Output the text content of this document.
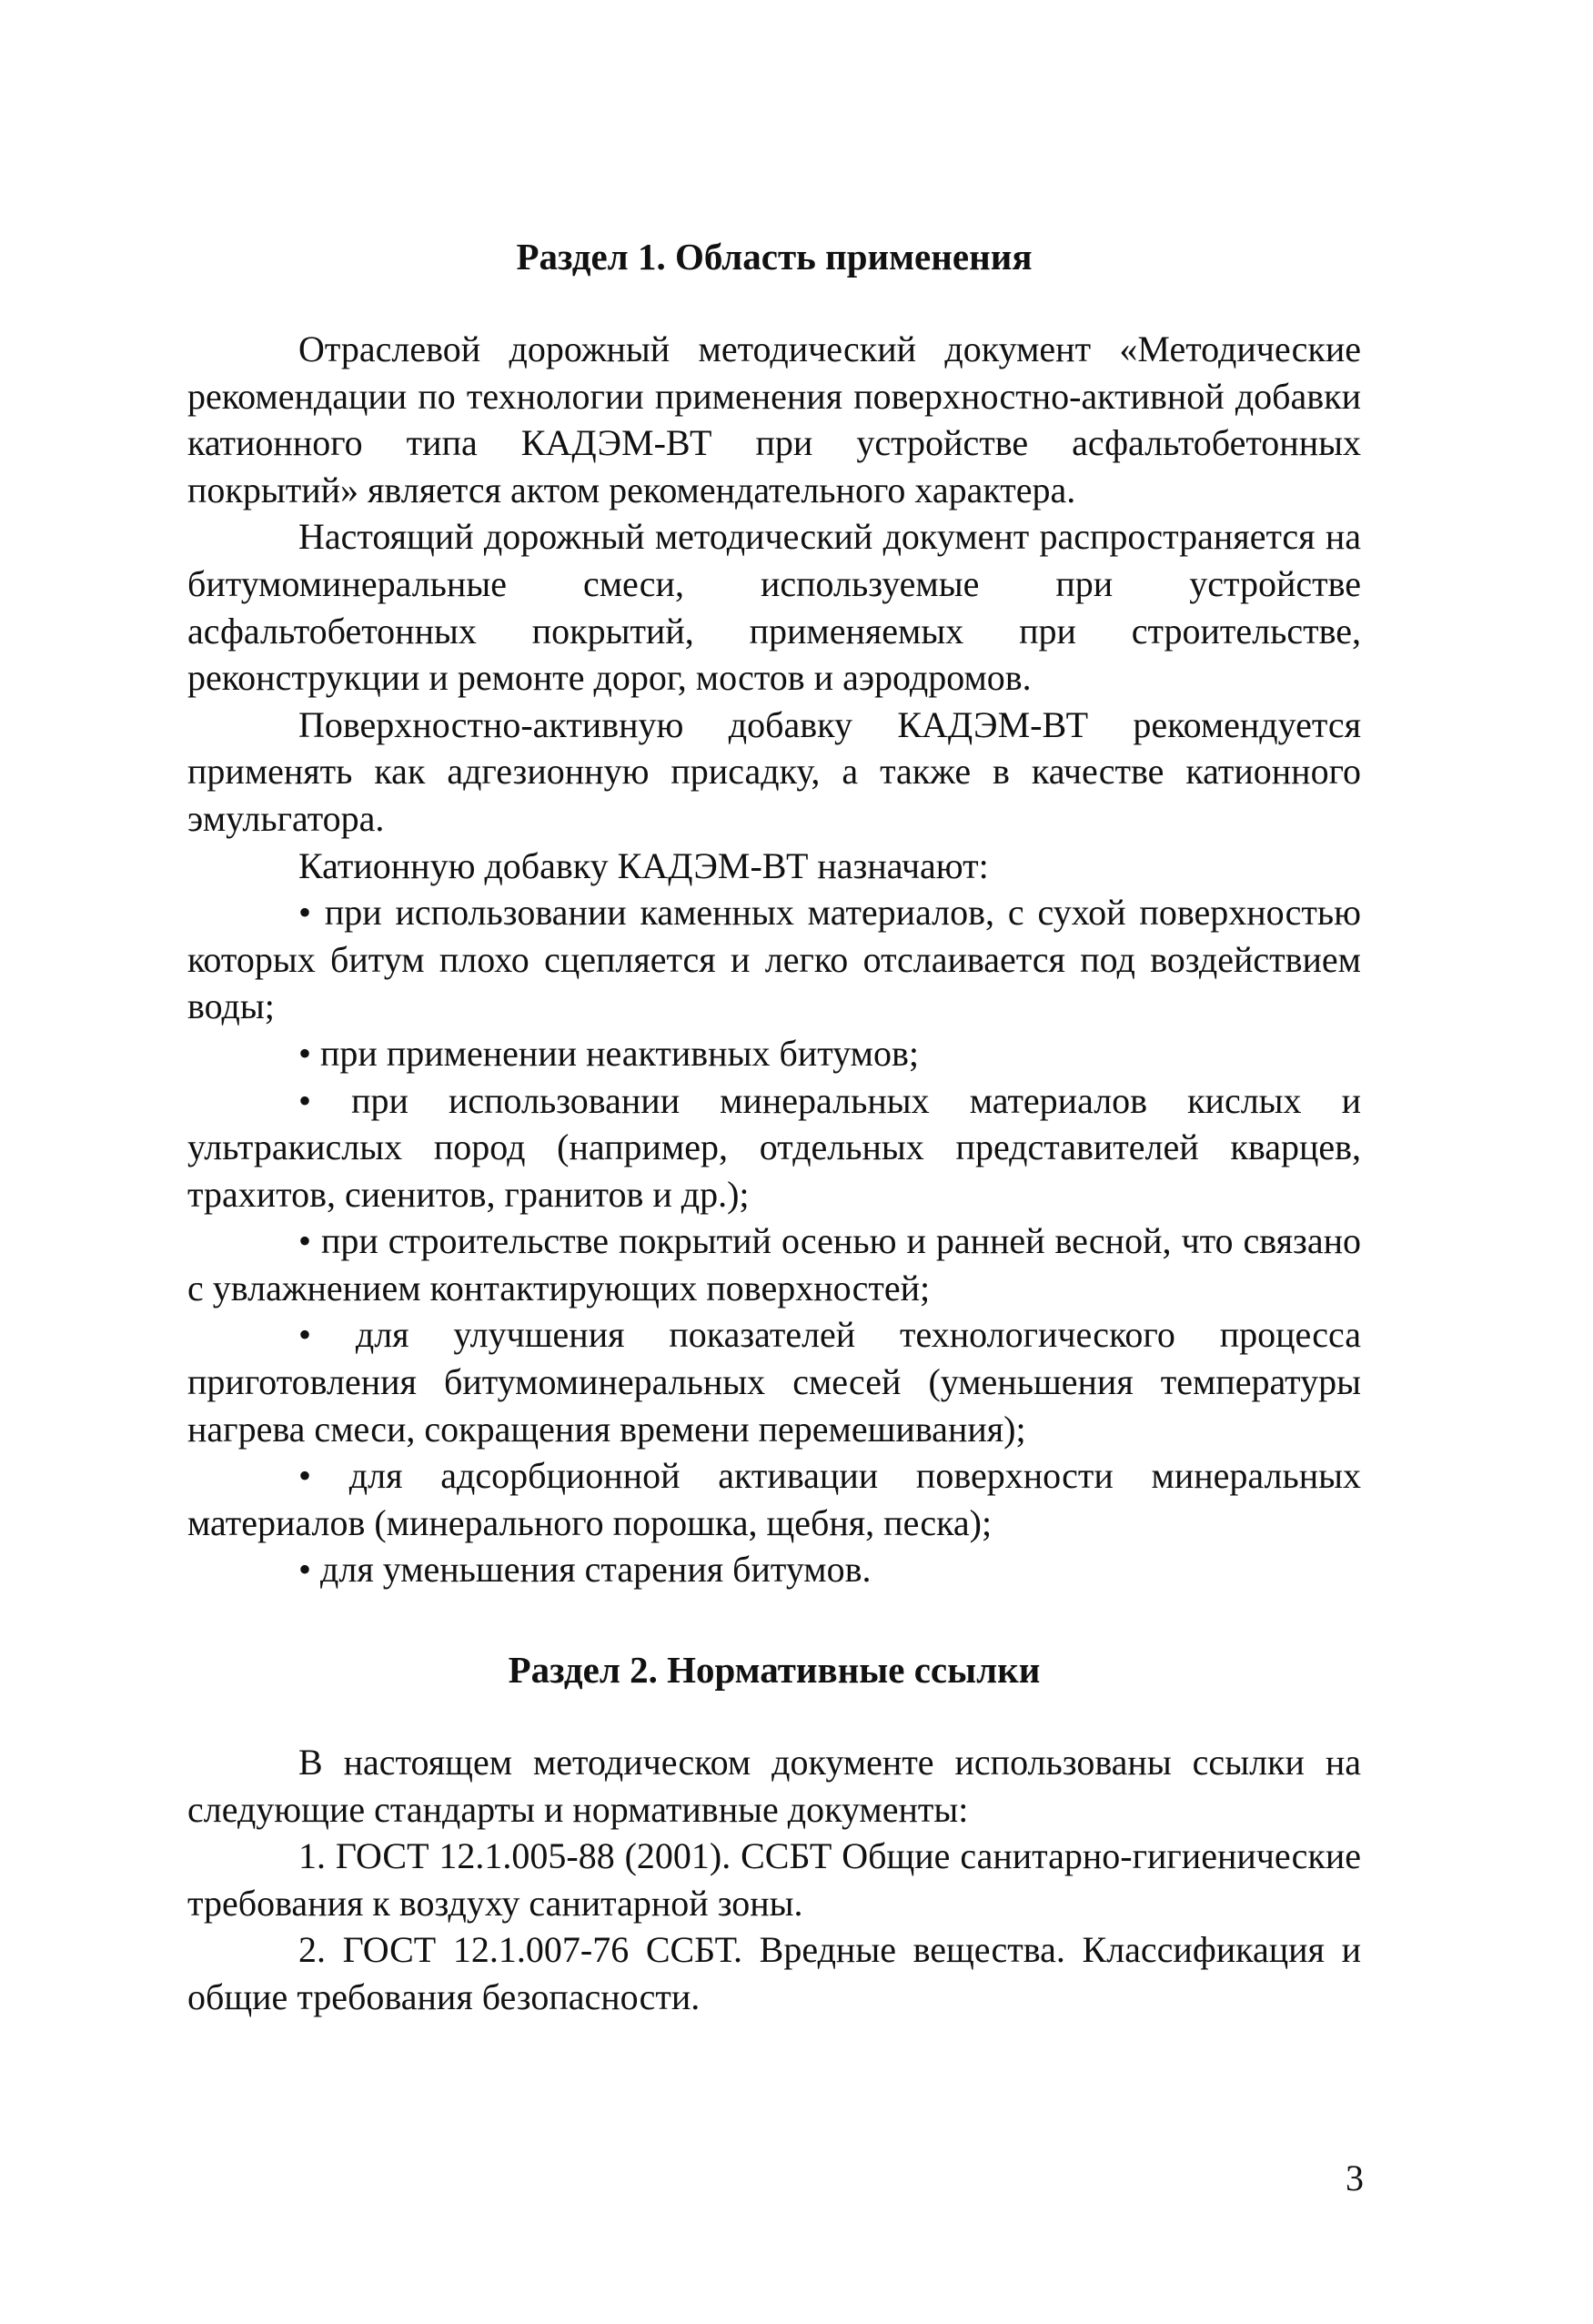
Раздел 1. Область применения

Отраслевой дорожный методический документ «Методические рекомендации по технологии применения поверхностно-активной добавки катионного типа КАДЭМ-ВТ при устройстве асфальтобетонных покрытий» является актом рекомендательного характера.

Настоящий дорожный методический документ распространяется на битумоминеральные смеси, используемые при устройстве асфальтобетонных покрытий, применяемых при строительстве, реконструкции и ремонте дорог, мостов и аэродромов.

Поверхностно-активную добавку КАДЭМ-ВТ рекомендуется применять как адгезионную присадку, а также в качестве катионного эмульгатора.

Катионную добавку КАДЭМ-ВТ назначают:

• при использовании каменных материалов, с сухой поверхностью которых битум плохо сцепляется и легко отслаивается под воздействием воды;

• при применении неактивных битумов;

• при использовании минеральных материалов кислых и ультракислых пород (например, отдельных представителей кварцев, трахитов, сиенитов, гранитов и др.);

• при строительстве покрытий осенью и ранней весной, что связано с увлажнением контактирующих поверхностей;

• для улучшения показателей технологического процесса приготовления битумоминеральных смесей (уменьшения температуры нагрева смеси, сокращения времени перемешивания);

• для адсорбционной активации поверхности минеральных материалов (минерального порошка, щебня, песка);

• для уменьшения старения битумов.

Раздел 2. Нормативные ссылки

В настоящем методическом документе использованы ссылки на следующие стандарты и нормативные документы:

1. ГОСТ 12.1.005-88 (2001). ССБТ Общие санитарно-гигиенические требования к воздуху санитарной зоны.

2. ГОСТ 12.1.007-76 ССБТ. Вредные вещества. Классификация и общие требования безопасности.

3
